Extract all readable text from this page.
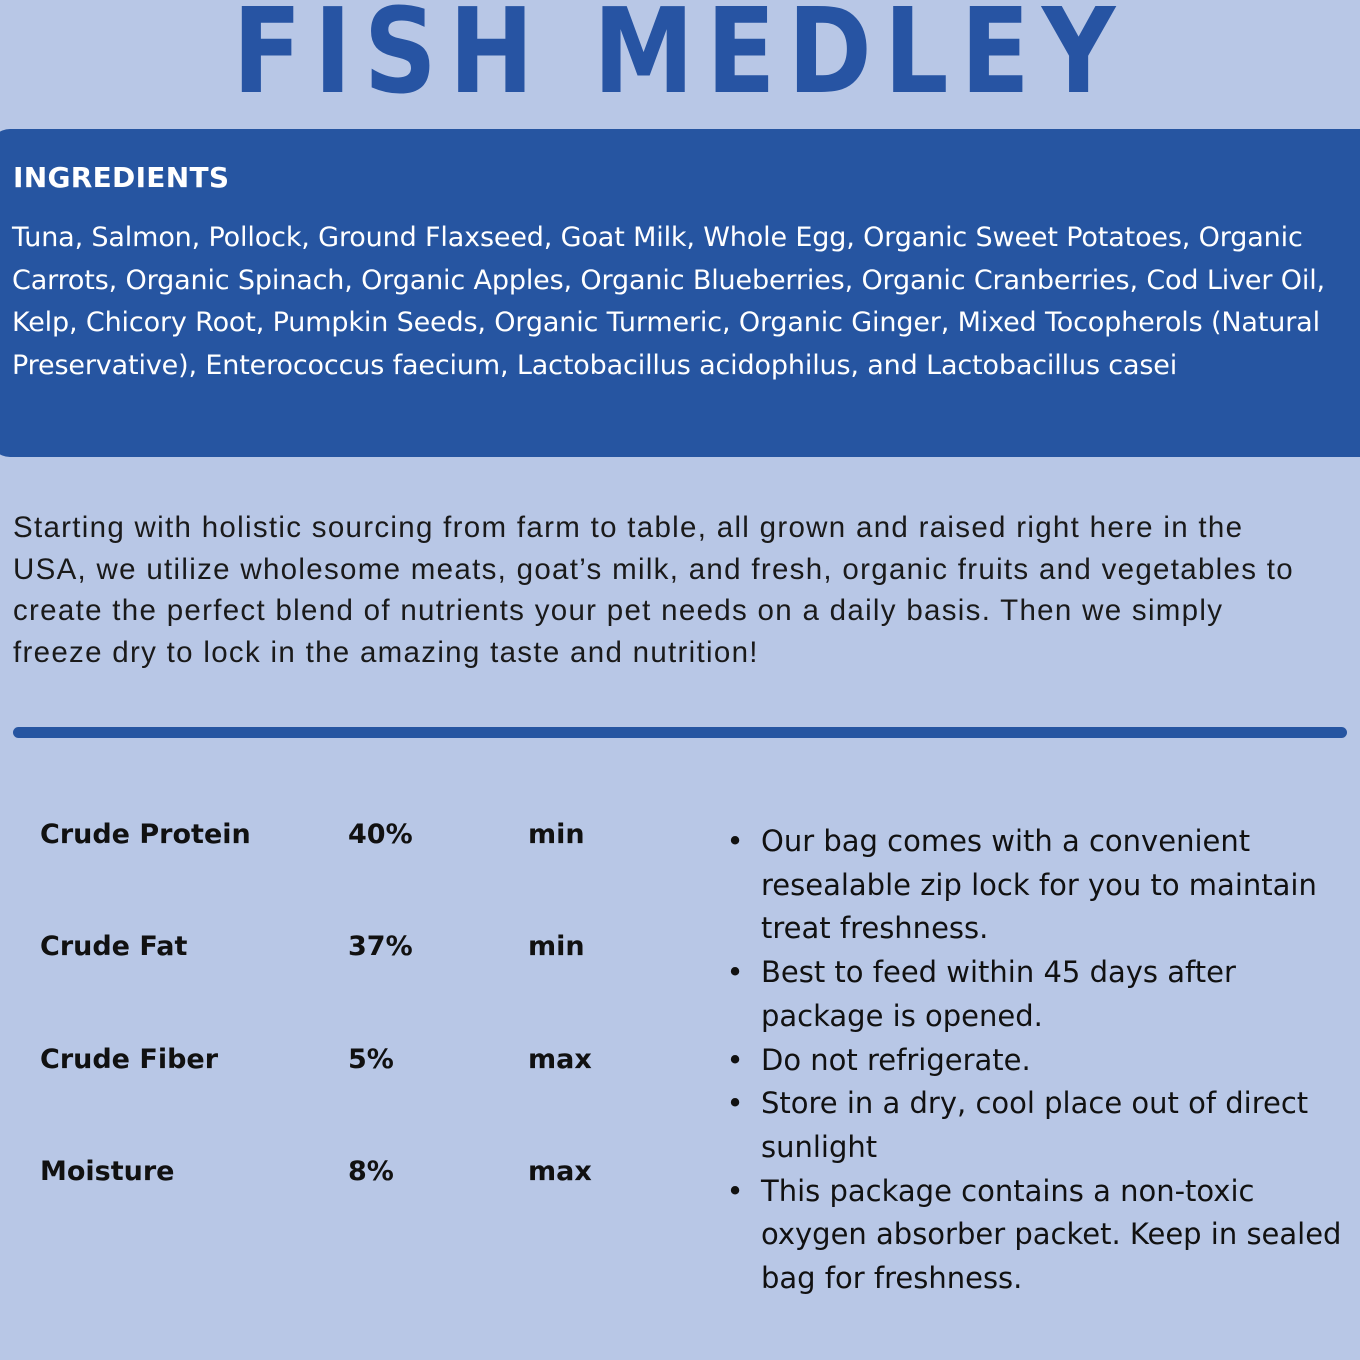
FISH MEDLEY
INGREDIENTS
Tuna, Salmon, Pollock, Ground Flaxseed, Goat Milk, Whole Egg, Organic Sweet Potatoes, Organic Carrots, Organic Spinach, Organic Apples, Organic Blueberries, Organic Cranberries, Cod Liver Oil, Kelp, Chicory Root, Pumpkin Seeds, Organic Turmeric, Organic Ginger, Mixed Tocopherols (Natural Preservative), Enterococcus faecium, Lactobacillus acidophilus, and Lactobacillus casei
Starting with holistic sourcing from farm to table, all grown and raised right here in the
USA, we utilize wholesome meats, goat’s milk, and fresh, organic fruits and vegetables to
create the perfect blend of nutrients your pet needs on a daily basis. Then we simply
freeze dry to lock in the amazing taste and nutrition!
Crude Protein	40%	min
Crude Fat	37%	min
Crude Fiber	5%	max
Moisture	8%	max
• Our bag comes with a convenient resealable zip lock for you to maintain treat freshness.
• Best to feed within 45 days after package is opened.
• Do not refrigerate.
• Store in a dry, cool place out of direct sunlight
• This package contains a non-toxic oxygen absorber packet. Keep in sealed bag for freshness.
